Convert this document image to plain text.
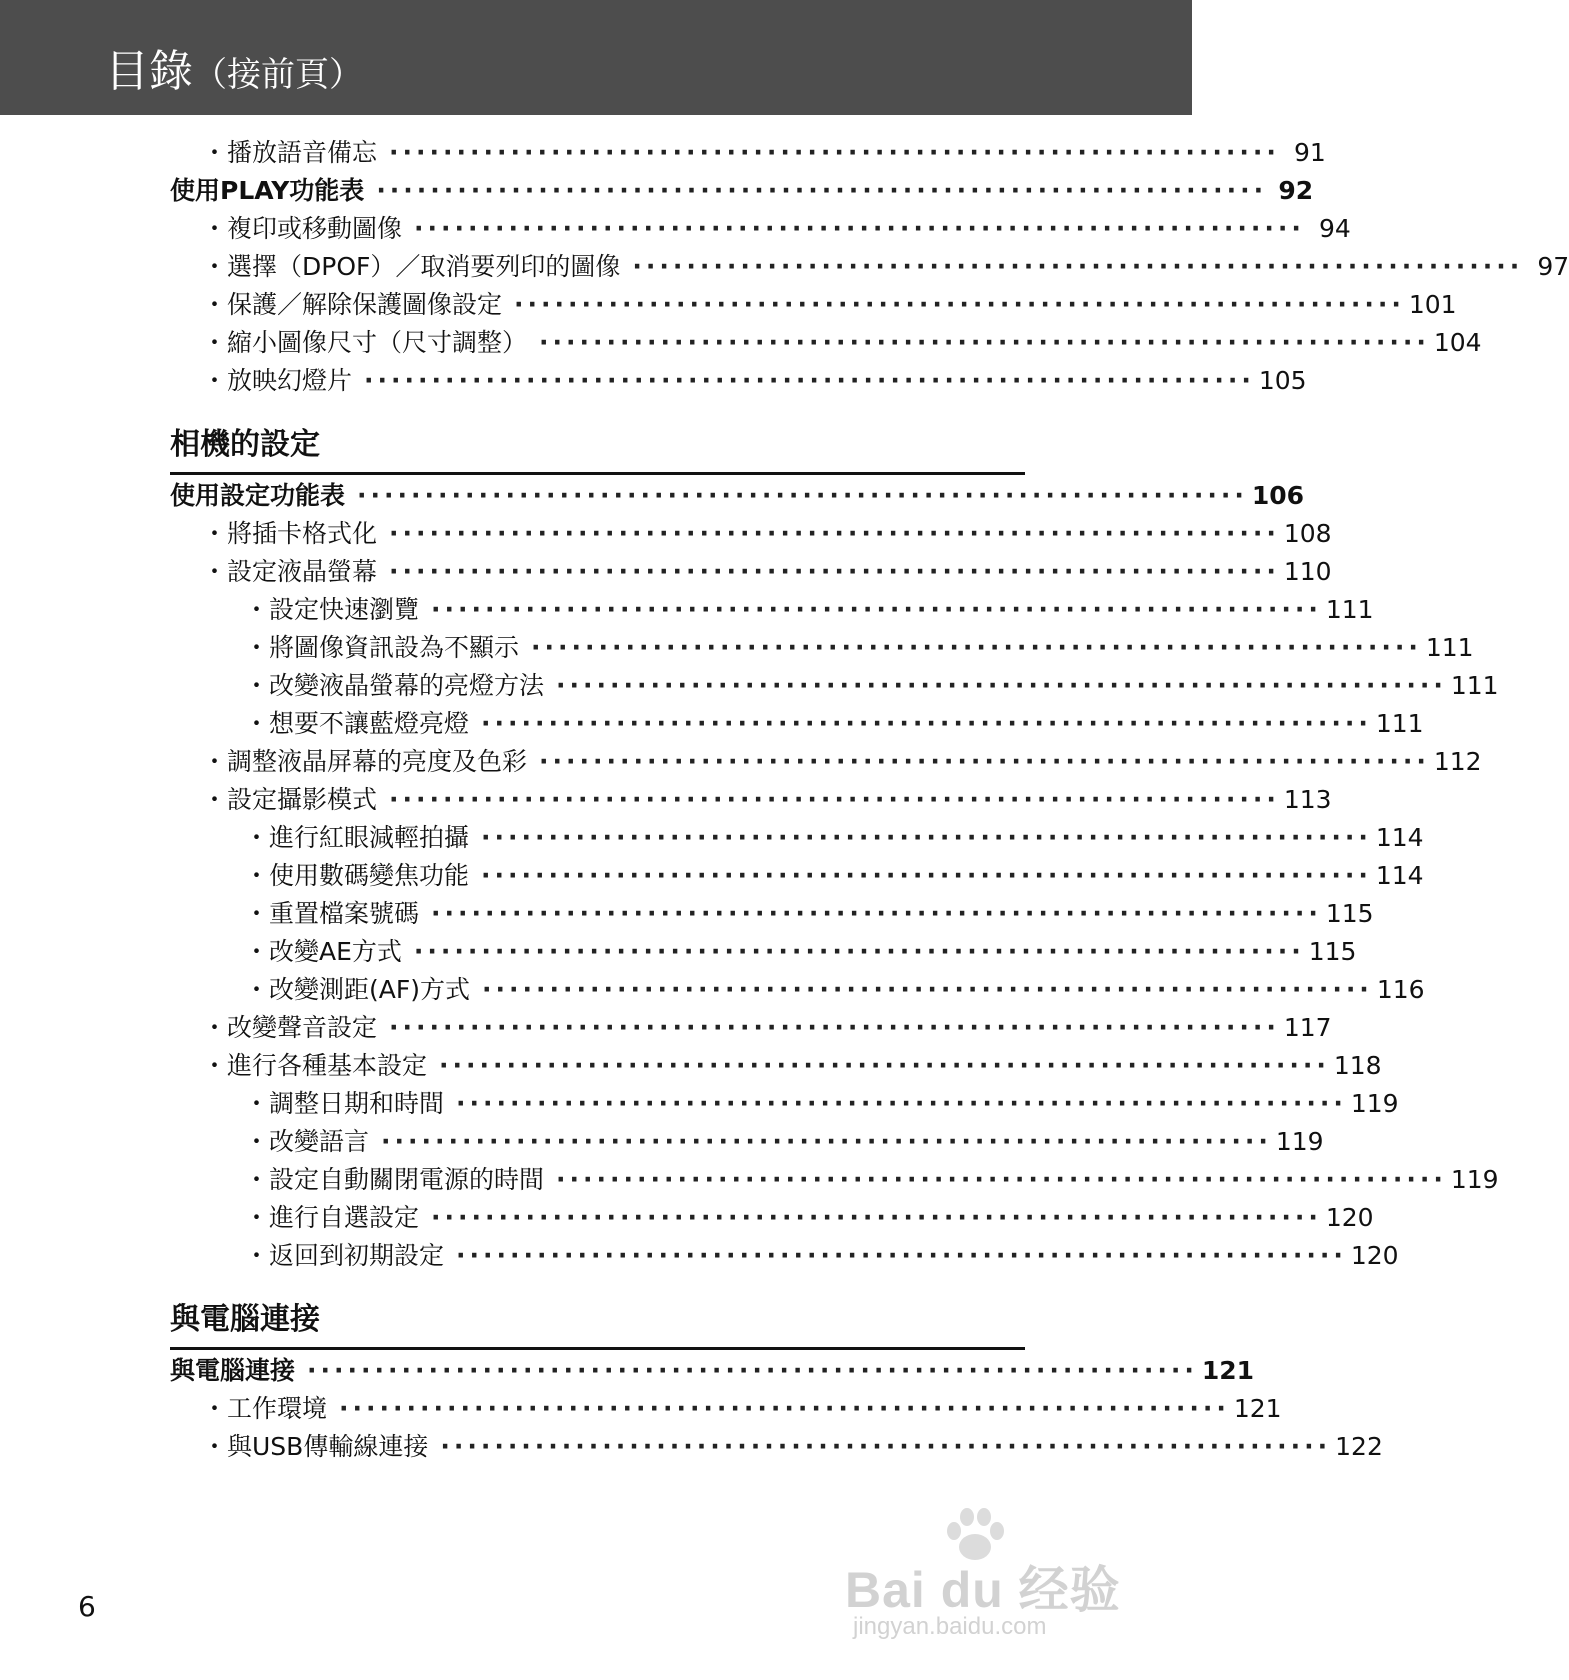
目錄（接前頁）
・播放語音備忘 ·································································· 91
使用PLAY功能表 ·································································· 92
・複印或移動圖像 ·································································· 94
・選擇（DPOF）／取消要列印的圖像 ·································································· 97
・保護／解除保護圖像設定 ·································································· 101
・縮小圖像尺寸（尺寸調整） ·································································· 104
・放映幻燈片 ·································································· 105
相機的設定
使用設定功能表 ·································································· 106
・將插卡格式化 ·································································· 108
・設定液晶螢幕 ·································································· 110
・設定快速瀏覽 ·································································· 111
・將圖像資訊設為不顯示 ·································································· 111
・改變液晶螢幕的亮燈方法 ·································································· 111
・想要不讓藍燈亮燈 ·································································· 111
・調整液晶屏幕的亮度及色彩 ·································································· 112
・設定攝影模式 ·································································· 113
・進行紅眼減輕拍攝 ·································································· 114
・使用數碼變焦功能 ·································································· 114
・重置檔案號碼 ·································································· 115
・改變AE方式 ·································································· 115
・改變測距(AF)方式 ·································································· 116
・改變聲音設定 ·································································· 117
・進行各種基本設定 ·································································· 118
・調整日期和時間 ·································································· 119
・改變語言 ·································································· 119
・設定自動關閉電源的時間 ·································································· 119
・進行自選設定 ·································································· 120
・返回到初期設定 ·································································· 120
與電腦連接
與電腦連接 ·································································· 121
・工作環境 ·································································· 121
・與USB傳輸線連接 ·································································· 122
6	Bai du 经验
jingyan.baidu.com
